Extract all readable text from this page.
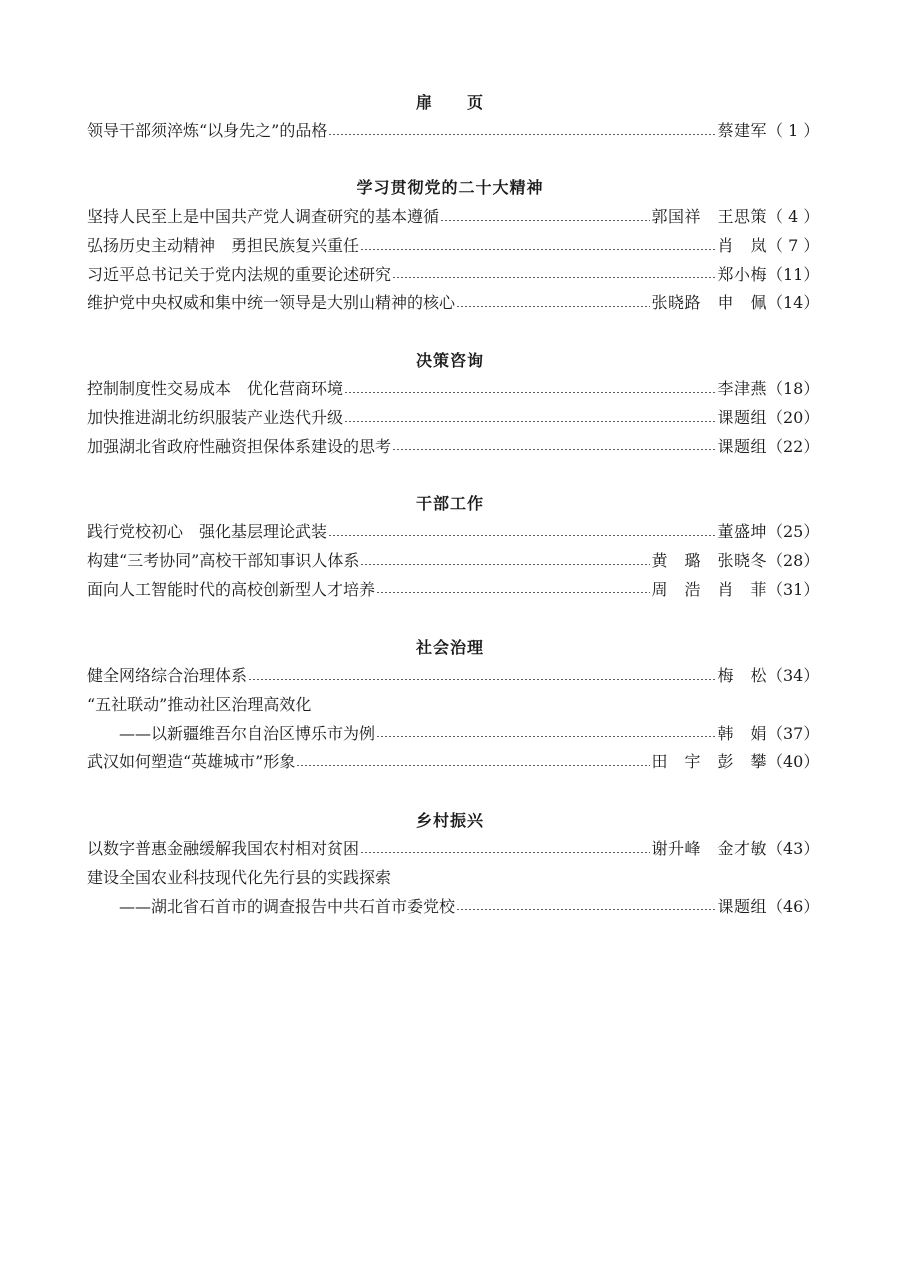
扉　　页
领导干部须淬炼“以身先之”的品格	蔡建军 （ 1 ）
学习贯彻党的二十大精神
坚持人民至上是中国共产党人调查研究的基本遵循	郭国祥　王思策 （ 4 ）
弘扬历史主动精神　勇担民族复兴重任	肖　岚 （ 7 ）
习近平总书记关于党内法规的重要论述研究	郑小梅 （11）
维护党中央权威和集中统一领导是大别山精神的核心	张晓路　申　佩 （14）
决策咨询
控制制度性交易成本　优化营商环境	李津燕 （18）
加快推进湖北纺织服装产业迭代升级	课题组 （20）
加强湖北省政府性融资担保体系建设的思考	课题组 （22）
干部工作
践行党校初心　强化基层理论武装	董盛坤 （25）
构建“三考协同”高校干部知事识人体系	黄　璐　张晓冬 （28）
面向人工智能时代的高校创新型人才培养	周　浩　肖　菲 （31）
社会治理
健全网络综合治理体系	梅　松 （34）
“五社联动”推动社区治理高效化
——以新疆维吾尔自治区博乐市为例	韩　娟 （37）
武汉如何塑造“英雄城市”形象	田　宇　彭　攀 （40）
乡村振兴
以数字普惠金融缓解我国农村相对贫困	谢升峰　金才敏 （43）
建设全国农业科技现代化先行县的实践探索
——湖北省石首市的调查报告中共石首市委党校	课题组 （46）
